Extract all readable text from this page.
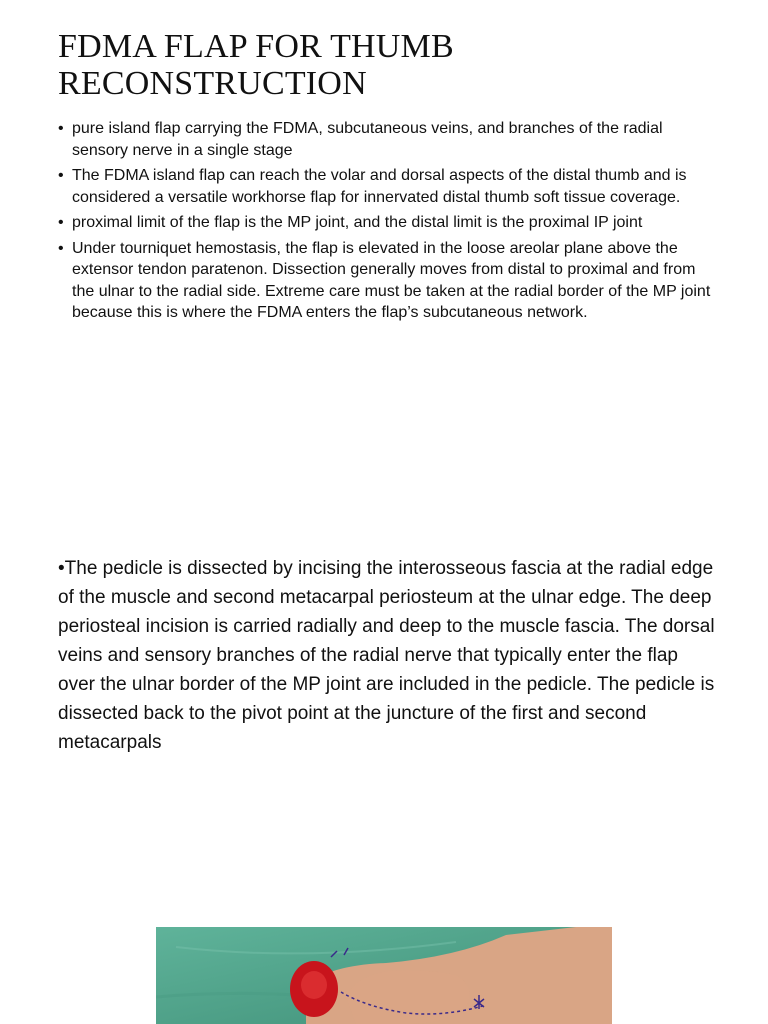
FDMA FLAP FOR THUMB RECONSTRUCTION
• pure island flap carrying the FDMA, subcutaneous veins, and branches of the radial sensory nerve in a single stage
• The FDMA island flap can reach the volar and dorsal aspects of the distal thumb and is considered a versatile workhorse flap for innervated distal thumb soft tissue coverage.
• proximal limit of the flap is the MP joint, and the distal limit is the proximal IP joint
• Under tourniquet hemostasis, the flap is elevated in the loose areolar plane above the extensor tendon paratenon. Dissection generally moves from distal to proximal and from the ulnar to the radial side. Extreme care must be taken at the radial border of the MP joint because this is where the FDMA enters the flap’s subcutaneous network.

•The pedicle is dissected by incising the interosseous fascia at the radial edge of the muscle and second metacarpal periosteum at the ulnar edge. The deep periosteal incision is carried radially and deep to the muscle fascia. The dorsal veins and sensory branches of the radial nerve that typically enter the flap over the ulnar border of the MP joint are included in the pedicle. The pedicle is dissected back to the pivot point at the juncture of the first and second metacarpals
